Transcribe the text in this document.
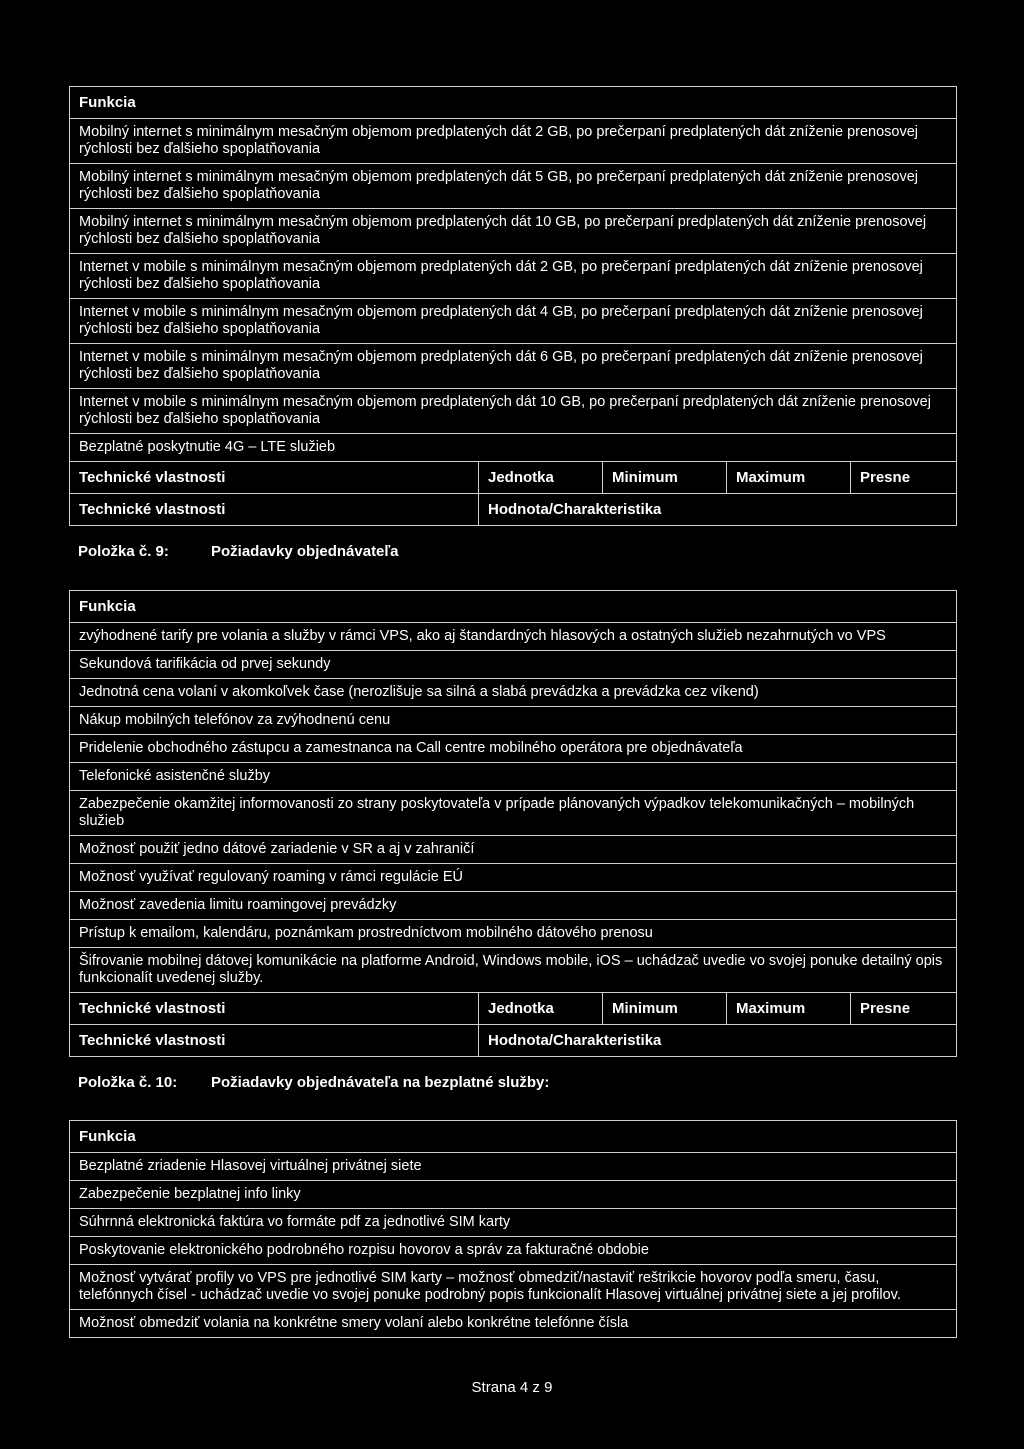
Funkcia				
Mobilný internet s minimálnym mesačným objemom predplatených dát 2 GB, po prečerpaní predplatených dát zníženie prenosovej rýchlosti bez ďalšieho spoplatňovania				
Mobilný internet s minimálnym mesačným objemom predplatených dát 5 GB, po prečerpaní predplatených dát zníženie prenosovej rýchlosti bez ďalšieho spoplatňovania				
Mobilný internet s minimálnym mesačným objemom predplatených dát 10 GB, po prečerpaní predplatených dát zníženie prenosovej rýchlosti bez ďalšieho spoplatňovania				
Internet v mobile s minimálnym mesačným objemom predplatených dát 2 GB, po prečerpaní predplatených dát zníženie prenosovej rýchlosti bez ďalšieho spoplatňovania				
Internet v mobile s minimálnym mesačným objemom predplatených dát 4 GB, po prečerpaní predplatených dát zníženie prenosovej rýchlosti bez ďalšieho spoplatňovania				
Internet v mobile s minimálnym mesačným objemom predplatených dát 6 GB, po prečerpaní predplatených dát zníženie prenosovej rýchlosti bez ďalšieho spoplatňovania				
Internet v mobile s minimálnym mesačným objemom predplatených dát 10 GB, po prečerpaní predplatených dát zníženie prenosovej rýchlosti bez ďalšieho spoplatňovania				
Bezplatné poskytnutie 4G – LTE služieb				
Technické vlastnosti	Jednotka	Minimum	Maximum	Presne
Technické vlastnosti	Hodnota/Charakteristika			
Položka č. 9:	Požiadavky objednávateľa
Funkcia				
zvýhodnené tarify pre volania a služby v rámci VPS, ako aj štandardných hlasových a ostatných služieb nezahrnutých vo VPS				
Sekundová tarifikácia od prvej sekundy				
Jednotná cena volaní v akomkoľvek čase (nerozlišuje sa silná a slabá prevádzka a prevádzka cez víkend)				
Nákup mobilných telefónov za zvýhodnenú cenu				
Pridelenie obchodného zástupcu a zamestnanca na Call centre mobilného operátora pre objednávateľa				
Telefonické asistenčné služby				
Zabezpečenie okamžitej informovanosti zo strany poskytovateľa v prípade plánovaných výpadkov telekomunikačných – mobilných služieb				
Možnosť použiť jedno dátové zariadenie v SR a aj v zahraničí				
Možnosť využívať regulovaný roaming v rámci regulácie EÚ				
Možnosť zavedenia limitu roamingovej prevádzky				
Prístup k emailom, kalendáru, poznámkam prostredníctvom mobilného dátového prenosu				
Šifrovanie mobilnej dátovej komunikácie na platforme Android, Windows mobile, iOS – uchádzač uvedie vo svojej ponuke detailný opis funkcionalít uvedenej služby.				
Technické vlastnosti	Jednotka	Minimum	Maximum	Presne
Technické vlastnosti	Hodnota/Charakteristika			
Položka č. 10: Požiadavky objednávateľa na bezplatné služby:
Funkcia
Bezplatné zriadenie Hlasovej virtuálnej privátnej siete
Zabezpečenie bezplatnej info linky
Súhrnná elektronická faktúra vo formáte pdf za jednotlivé SIM karty
Poskytovanie elektronického podrobného rozpisu hovorov a správ za fakturačné obdobie
Možnosť vytvárať profily vo VPS pre jednotlivé SIM karty – možnosť obmedziť/nastaviť reštrikcie hovorov podľa smeru, času, telefónnych čísel - uchádzač uvedie vo svojej ponuke podrobný popis funkcionalít Hlasovej virtuálnej privátnej siete a jej profilov.
Možnosť obmedziť volania na konkrétne smery volaní alebo konkrétne telefónne čísla
Strana 4 z 9
